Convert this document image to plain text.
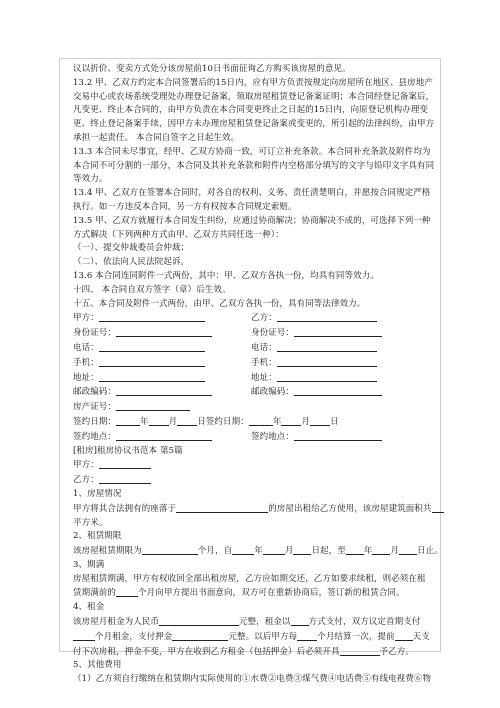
议以折价、变卖方式处分该房屋前10日书面征询乙方购买该房屋的意见。

13.2 甲、乙双方约定本合同签署后的15日内，应有甲方负责按规定向房屋所在地区、县房地产

交易中心或农场系统受理处办理登记备案，领取房屋租赁登记备案证明；本合同经登记备案后，

凡变更、终止本合同的，由甲方负责在本合同变更终止之日起的15日内，向原登记机构办理变

更、终止登记备案手续，因甲方未办理房屋租赁登记备案或变更的，所引起的法律纠纷，由甲方

承担一起责任。 本合同自签字之日起生效。

13.3 本合同未尽事宜，经甲、乙双方协商一致，可订立补充条款。本合同补充条款及附件均为

本合同不可分割的一部分，本合同及其补充条款和附件内空格部分填写的文字与铅印文字具有同

等效力。

13.4 甲、乙双方在签署本合同时，对各自的权利、义务、责任清楚明白，并愿按合同规定严格

执行。如一方违反本合同，另一方有权按本合同规定索赔。

13.5 甲、乙双方就履行本合同发生纠纷，应通过协商解决；协商解决不成的，可选择下列一种

方式解决（下列两种方式由甲、乙双方共同任选一种）：

（一）、提交仲裁委员会仲裁；

（二）、依法向人民法院起诉。

13.6 本合同连同附件一式两份，其中：甲、乙双方各执一份，均具有同等效力。

十四、 本合同自双方签字（章）后生效。

十五、本合同及附件一式两份，由甲、乙双方各执一份，具有同等法律效力。

甲方：	乙方：

身份证号：	身份证号：

电话：	电话：

手机：	手机：

地址：	地址：

邮政编码：	邮政编码：

房产证号：

签约日期：	年 月 日签约日期：	年 月 日

签约地点：	签约地点：

[租房]租房协议书范本 第5篇

甲方：

乙方：

1、房屋情况

甲方将其合法拥有的座落于	的房屋出租给乙方使用，该房屋建筑面积共

平方米。

2、租赁期限

该房屋租赁期限为	个月，自	年	月 日起，至 年 月 日止。

3、期满

房屋租赁期满，甲方有权收回全部出租房屋，乙方应如期交还，乙方如要求续租，则必须在租

赁期满前的	个月向甲方提出书面意向，双方可在重新协商后，签订新的租赁合同。

4、租金

该房屋月租金为人民币	元整，租金以 方式支付，双方议定首期支付

个月租金，支付押金	元整。以后甲方每 个月结算一次，提前 天支

付下次房租，押金不变，甲方在收到乙方租金（包括押金）后必须开具	予乙方。

5、其他费用

（1）乙方须自行缴纳在租赁期内实际使用的①水费②电费③煤气费④电话费⑤有线电视费⑥物
